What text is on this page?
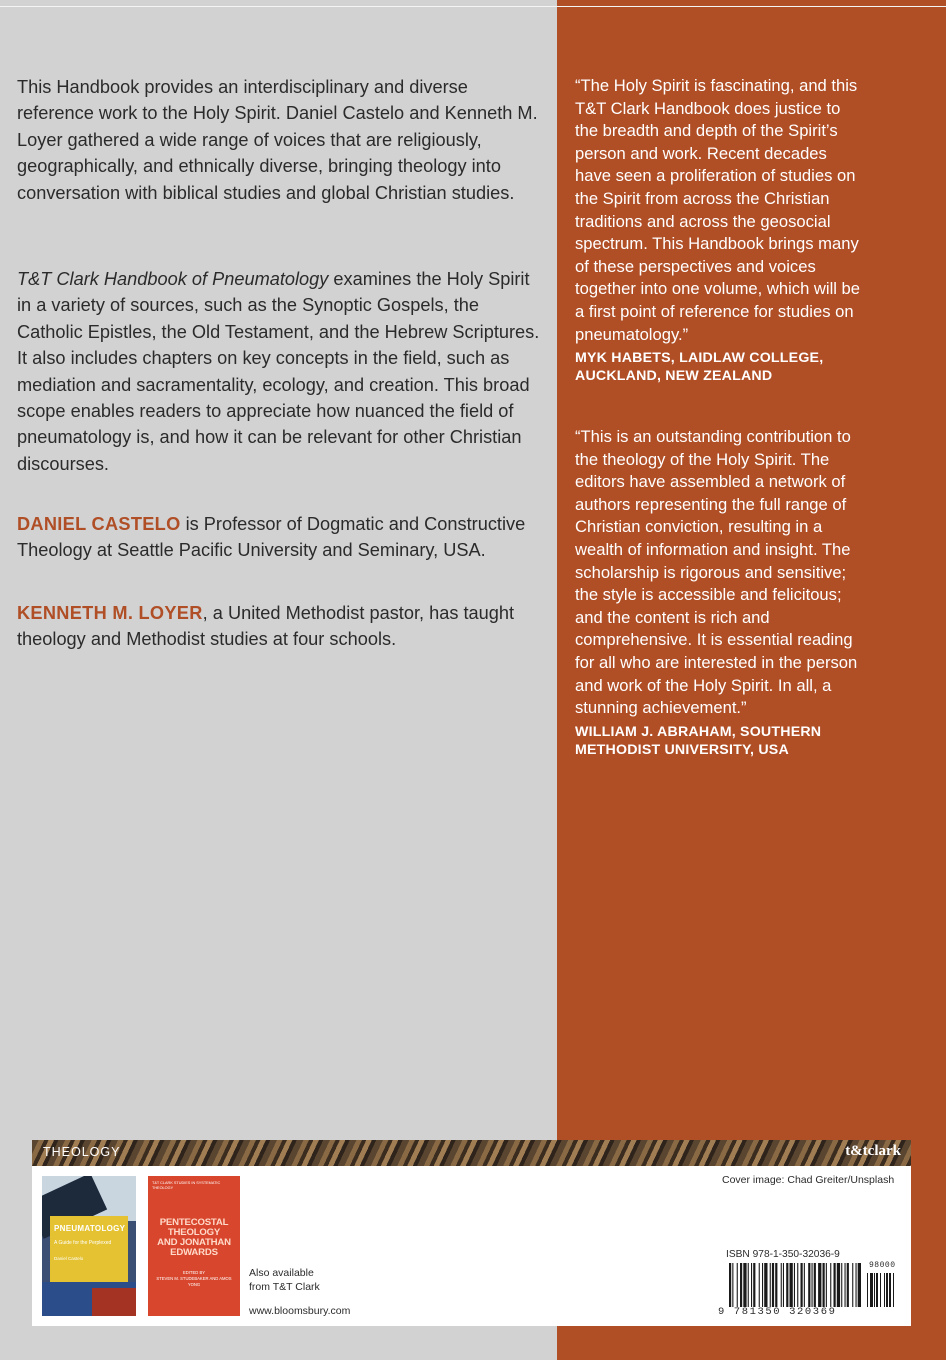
This Handbook provides an interdisciplinary and diverse reference work to the Holy Spirit. Daniel Castelo and Kenneth M. Loyer gathered a wide range of voices that are religiously, geographically, and ethnically diverse, bringing theology into conversation with biblical studies and global Christian studies.

T&T Clark Handbook of Pneumatology examines the Holy Spirit in a variety of sources, such as the Synoptic Gospels, the Catholic Epistles, the Old Testament, and the Hebrew Scriptures. It also includes chapters on key concepts in the field, such as mediation and sacramentality, ecology, and creation. This broad scope enables readers to appreciate how nuanced the field of pneumatology is, and how it can be relevant for other Christian discourses.

DANIEL CASTELO is Professor of Dogmatic and Constructive Theology at Seattle Pacific University and Seminary, USA.

KENNETH M. LOYER, a United Methodist pastor, has taught theology and Methodist studies at four schools.

“The Holy Spirit is fascinating, and this T&T Clark Handbook does justice to the breadth and depth of the Spirit’s person and work. Recent decades have seen a proliferation of studies on the Spirit from across the Christian traditions and across the geosocial spectrum. This Handbook brings many of these perspectives and voices together into one volume, which will be a first point of reference for studies on pneumatology.”

MYK HABETS, LAIDLAW COLLEGE, AUCKLAND, NEW ZEALAND

“This is an outstanding contribution to the theology of the Holy Spirit. The editors have assembled a network of authors representing the full range of Christian conviction, resulting in a wealth of information and insight. The scholarship is rigorous and sensitive; the style is accessible and felicitous; and the content is rich and comprehensive. It is essential reading for all who are interested in the person and work of the Holy Spirit. In all, a stunning achievement.”

WILLIAM J. ABRAHAM, SOUTHERN METHODIST UNIVERSITY, USA

THEOLOGY	t&tclark
PNEUMATOLOGY
A Guide for the Perplexed
Daniel Castelo
T&T CLARK STUDIES IN SYSTEMATIC THEOLOGY
PENTECOSTAL
THEOLOGY
AND JONATHAN
EDWARDS
EDITED BY
STEVEN M. STUDEBAKER AND AMOS YONG
Also available
from T&T Clark
www.bloomsbury.com
Cover image: Chad Greiter/Unsplash
ISBN 978-1-350-32036-9
98000
9 781350 320369
